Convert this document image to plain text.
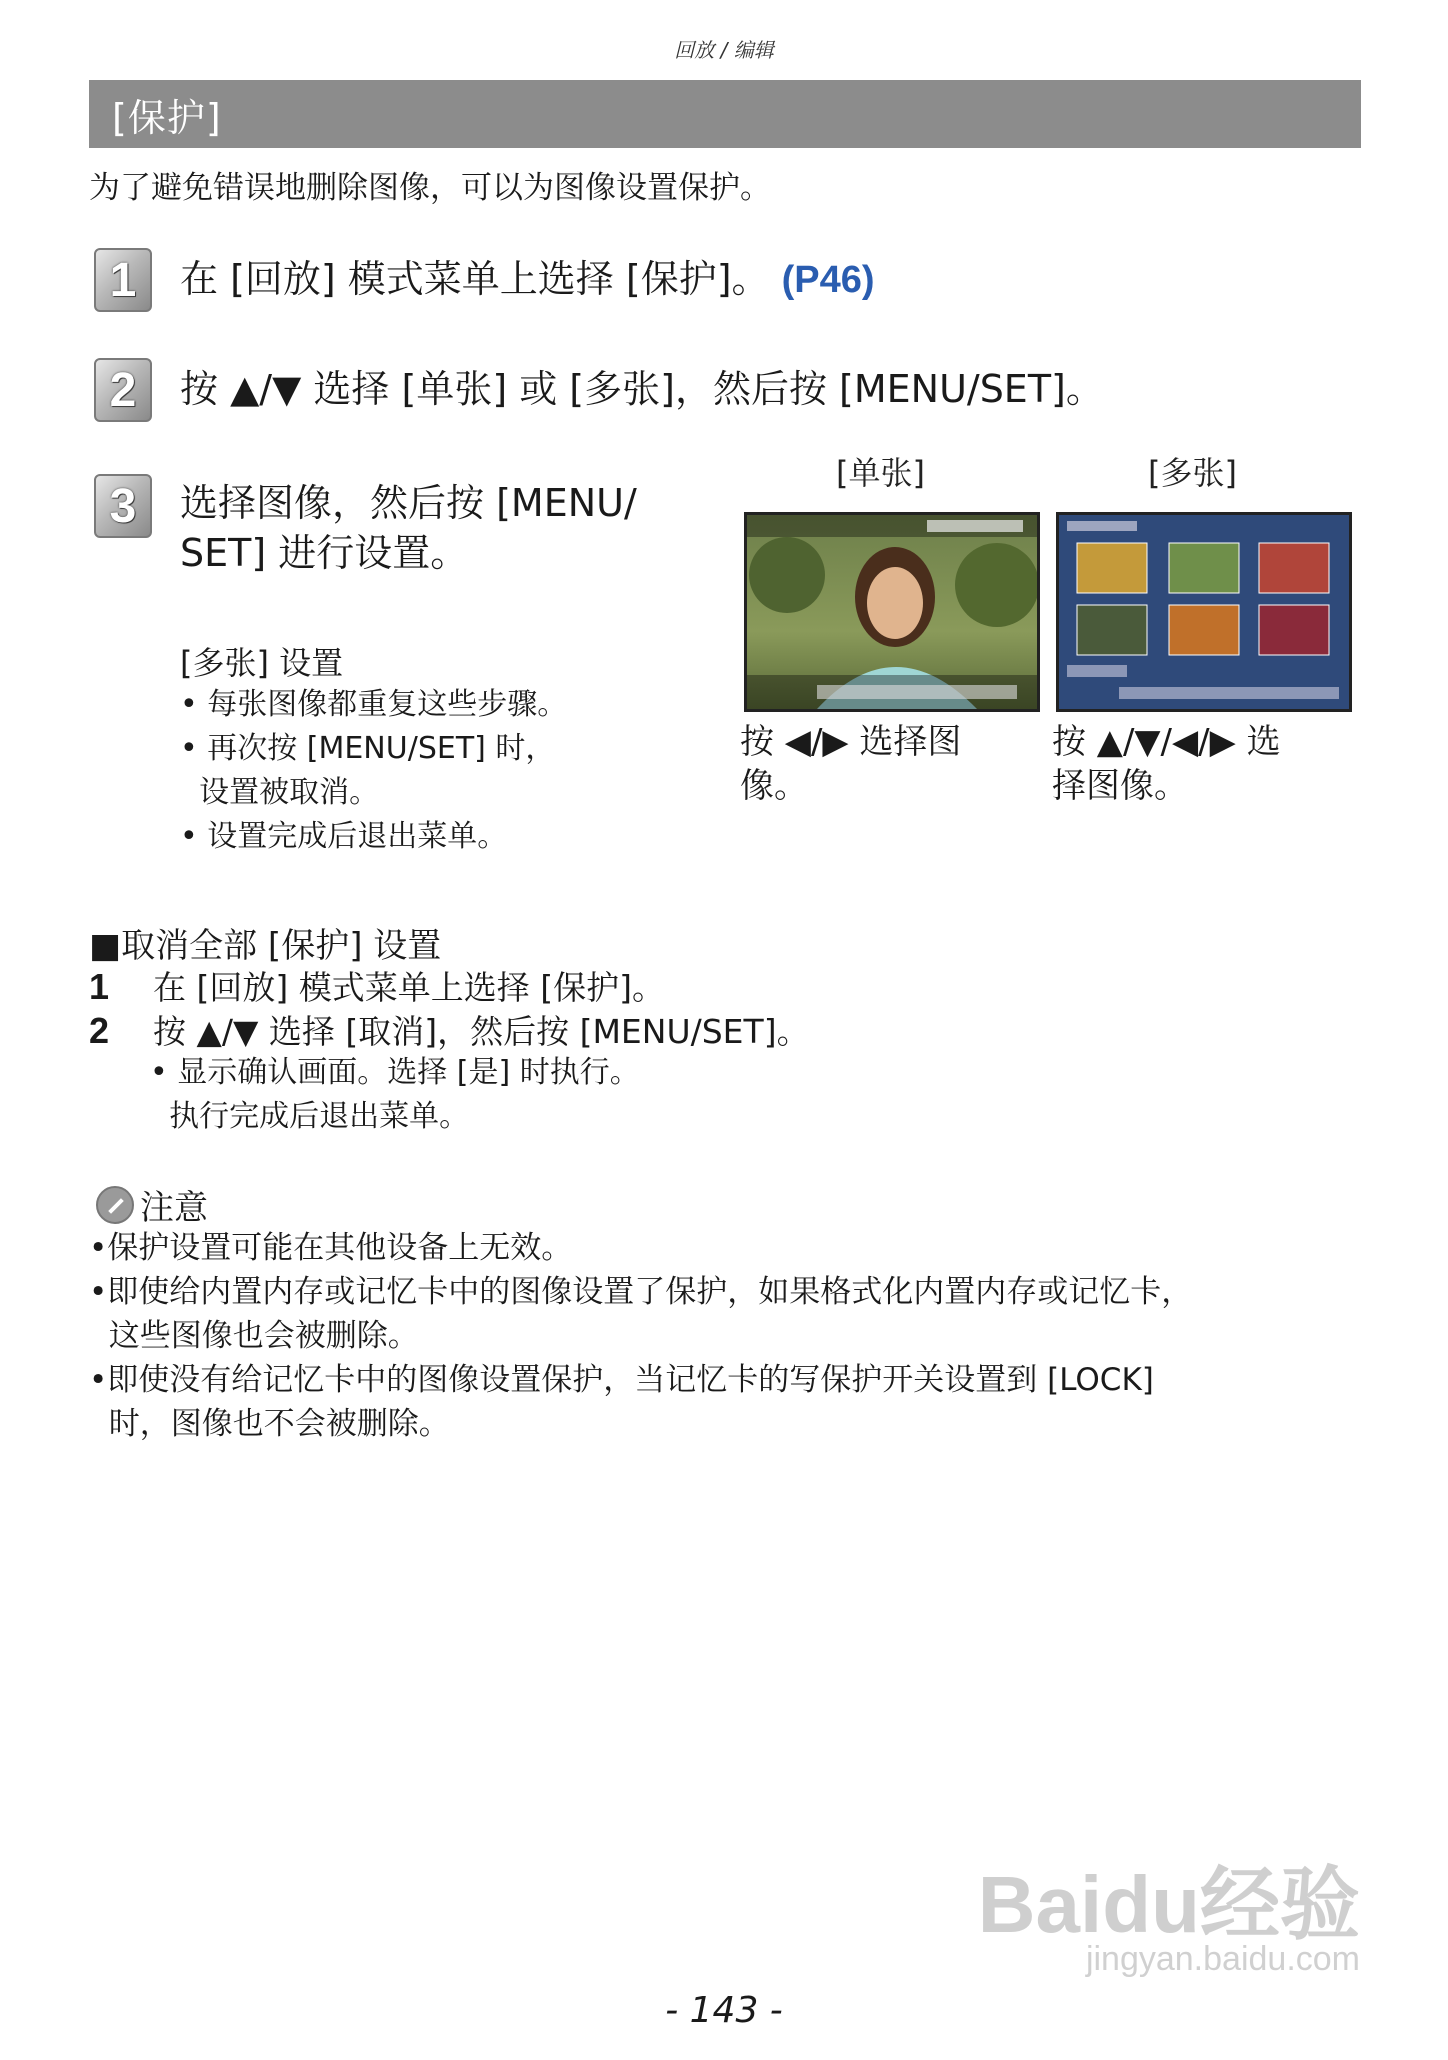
回放 / 编辑
[保护]
为了避免错误地删除图像，可以为图像设置保护。
1	在 [回放] 模式菜单上选择 [保护]。 (P46)
2	按 ▲/▼ 选择 [单张] 或 [多张]，然后按 [MENU/SET]。
3	选择图像，然后按 [MENU/
SET] 进行设置。
[多张] 设置
• 每张图像都重复这些步骤。
• 再次按 [MENU/SET] 时，
设置被取消。
• 设置完成后退出菜单。
[单张]	[多张]
按 ◀/▶ 选择图
像。
按 ▲/▼/◀/▶ 选
择图像。
■取消全部 [保护] 设置
1 在 [回放] 模式菜单上选择 [保护]。
2 按 ▲/▼ 选择 [取消]，然后按 [MENU/SET]。
• 显示确认画面。选择 [是] 时执行。
执行完成后退出菜单。
注意
•保护设置可能在其他设备上无效。
•即使给内置内存或记忆卡中的图像设置了保护，如果格式化内置内存或记忆卡，
这些图像也会被删除。
•即使没有给记忆卡中的图像设置保护，当记忆卡的写保护开关设置到 [LOCK]
时，图像也不会被删除。
Baidu经验
jingyan.baidu.com
- 143 -
